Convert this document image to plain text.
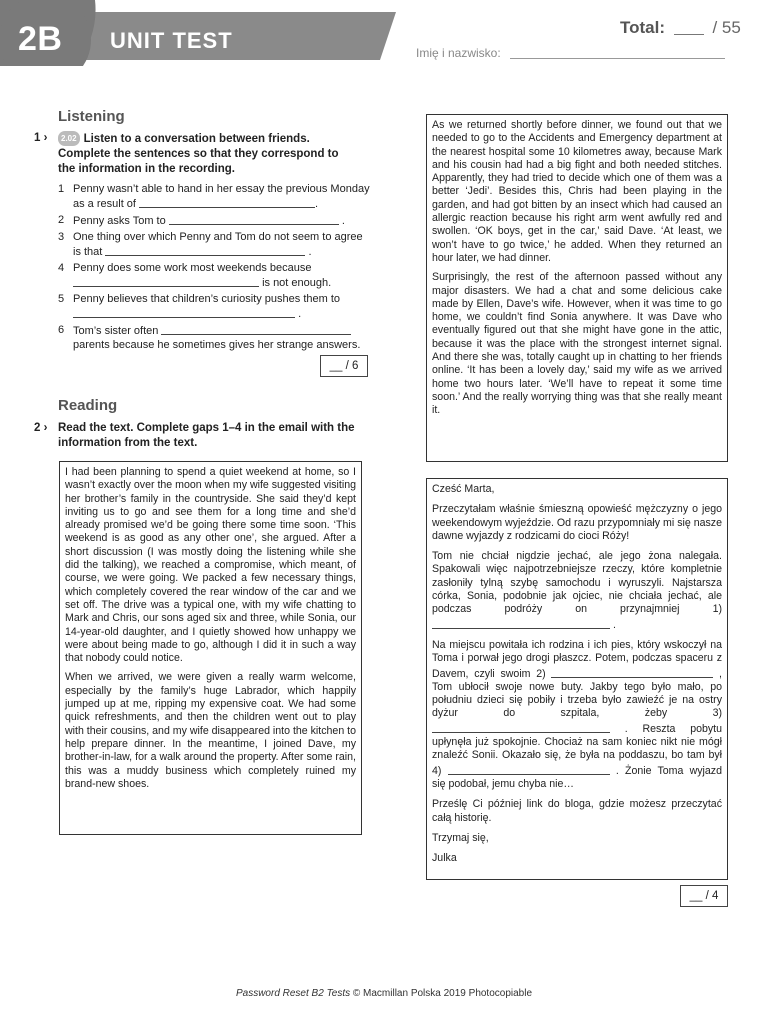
2B UNIT TEST
Total:	/ 55
Imię i nazwisko:
Listening
1 › 2.02 Listen to a conversation between friends. Complete the sentences so that they correspond to the information in the recording.
1 Penny wasn’t able to hand in her essay the previous Monday as a result of	.
2 Penny asks Tom to	.
3 One thing over which Penny and Tom do not seem to agree is that	.
4 Penny does some work most weekends because  is not enough.
5 Penny believes that children’s curiosity pushes them to  .
6 Tom’s sister often  parents because he sometimes gives her strange answers.
__ / 6
Reading
2 › Read the text. Complete gaps 1–4 in the email with the information from the text.

I had been planning to spend a quiet weekend at home, so I wasn’t exactly over the moon when my wife suggested visiting her brother’s family in the countryside. She said they’d kept inviting us to go and see them for a long time and she’d already promised we’d be going there some time soon. ‘This weekend is as good as any other one’, she argued. After a short discussion (I was mostly doing the listening while she did the talking), we reached a compromise, which meant, of course, we were going. We packed a few necessary things, which completely covered the rear window of the car and we set off. The drive was a typical one, with my wife chatting to Mark and Chris, our sons aged six and three, while Sonia, our 14-year-old daughter, and I quietly showed how unhappy we were about being made to go, although I did it in such a way that nobody could notice.

When we arrived, we were given a really warm welcome, especially by the family’s huge Labrador, which happily jumped up at me, ripping my expensive coat. We had some quick refreshments, and then the children went out to play with their cousins, and my wife disappeared into the kitchen to help prepare dinner. In the meantime, I joined Dave, my brother-in-law, for a walk around the property. After some rain, this was a muddy business which completely ruined my brand-new shoes.

As we returned shortly before dinner, we found out that we needed to go to the Accidents and Emergency department at the nearest hospital some 10 kilometres away, because Mark and his cousin had had a big fight and both needed stitches. Apparently, they had tried to decide which one of them was a better ‘Jedi’. Besides this, Chris had been playing in the garden, and had got bitten by an insect which had caused an allergic reaction because his right arm went awfully red and swollen. ‘OK boys, get in the car,’ said Dave. ‘At least, we won’t have to go twice,’ he added. When they returned an hour later, we had dinner.

Surprisingly, the rest of the afternoon passed without any major disasters. We had a chat and some delicious cake made by Ellen, Dave’s wife. However, when it was time to go home, we couldn’t find Sonia anywhere. It was Dave who eventually figured out that she might have gone in the attic, because it was the place with the strongest internet signal. And there she was, totally caught up in chatting to her friends online. ‘It has been a lovely day,’ said my wife as we arrived home two hours later. ‘We’ll have to repeat it some time soon.’ And the really worrying thing was that she really meant it.

Cześć Marta,

Przeczytałam właśnie śmieszną opowieść mężczyzny o jego weekendowym wyjeździe. Od razu przypomniały mi się nasze dawne wyjazdy z rodzicami do cioci Róży!

Tom nie chciał nigdzie jechać, ale jego żona nalegała. Spakowali więc najpotrzebniejsze rzeczy, które kompletnie zasłoniły tylną szybę samochodu i wyruszyli. Najstarsza córka, Sonia, podobnie jak ojciec, nie chciała jechać, ale podczas podróży on przynajmniej	1)  .

Na miejscu powitała ich rodzina i ich pies, który wskoczył na Toma i porwał jego drogi płaszcz. Potem, podczas spaceru z Davem, czyli swoim 2)	, Tom ubłocił swoje nowe buty. Jakby tego było mało, po południu dzieci się pobiły i trzeba było zawieźć je na ostry dyżur do szpitala, żeby	3)  . Reszta pobytu upłynęła już spokojnie. Chociaż na sam koniec nikt nie mógł znaleźć Sonii. Okazało się, że była na poddaszu, bo tam był 4)	. Żonie Toma wyjazd się podobał, jemu chyba nie…

Prześlę Ci później link do bloga, gdzie możesz przeczytać całą historię.

Trzymaj się,

Julka

__ / 4
Password Reset B2 Tests © Macmillan Polska 2019 Photocopiable
